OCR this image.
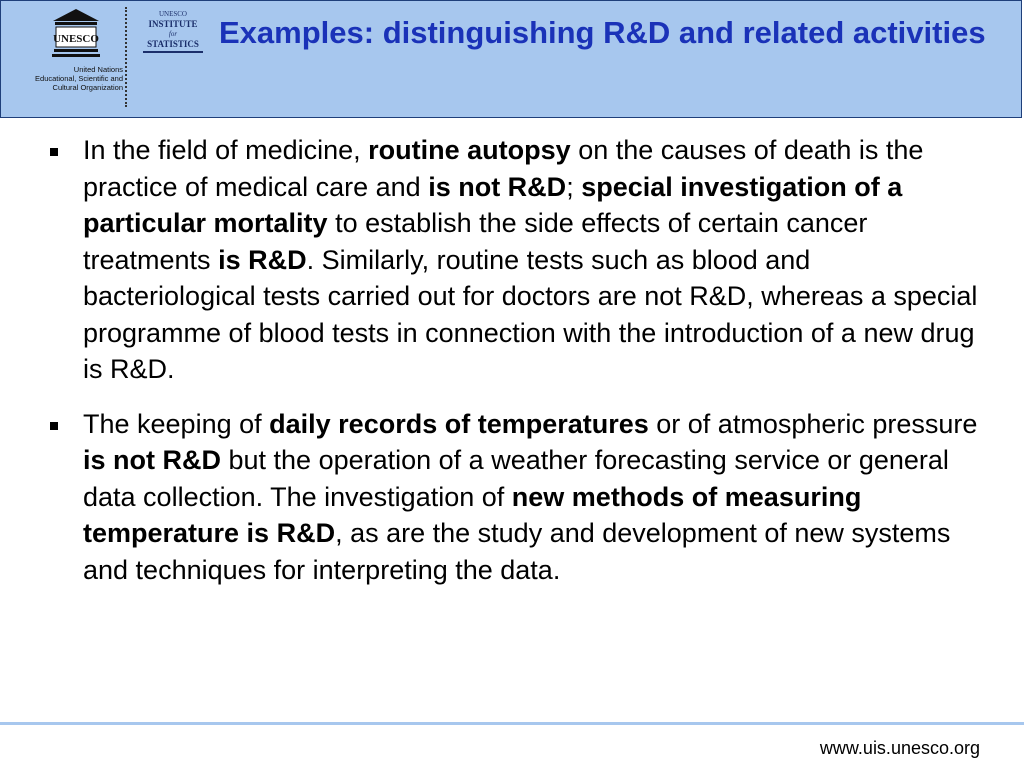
UNESCO
United Nations
Educational, Scientific and
Cultural Organization
UNESCO
INSTITUTE
for
STATISTICS Examples: distinguishing R&D and related activities
In the field of medicine, routine autopsy on the causes of death is the practice of medical care and is not R&D; special investigation of a particular mortality to establish the side effects of certain cancer treatments is R&D. Similarly, routine tests such as blood and bacteriological tests carried out for doctors are not R&D, whereas a special programme of blood tests in connection with the introduction of a new drug is R&D.
The keeping of daily records of temperatures or of atmospheric pressure is not R&D but the operation of a weather forecasting service or general data collection. The investigation of new methods of measuring temperature is R&D, as are the study and development of new systems and techniques for interpreting the data.
www.uis.unesco.org
